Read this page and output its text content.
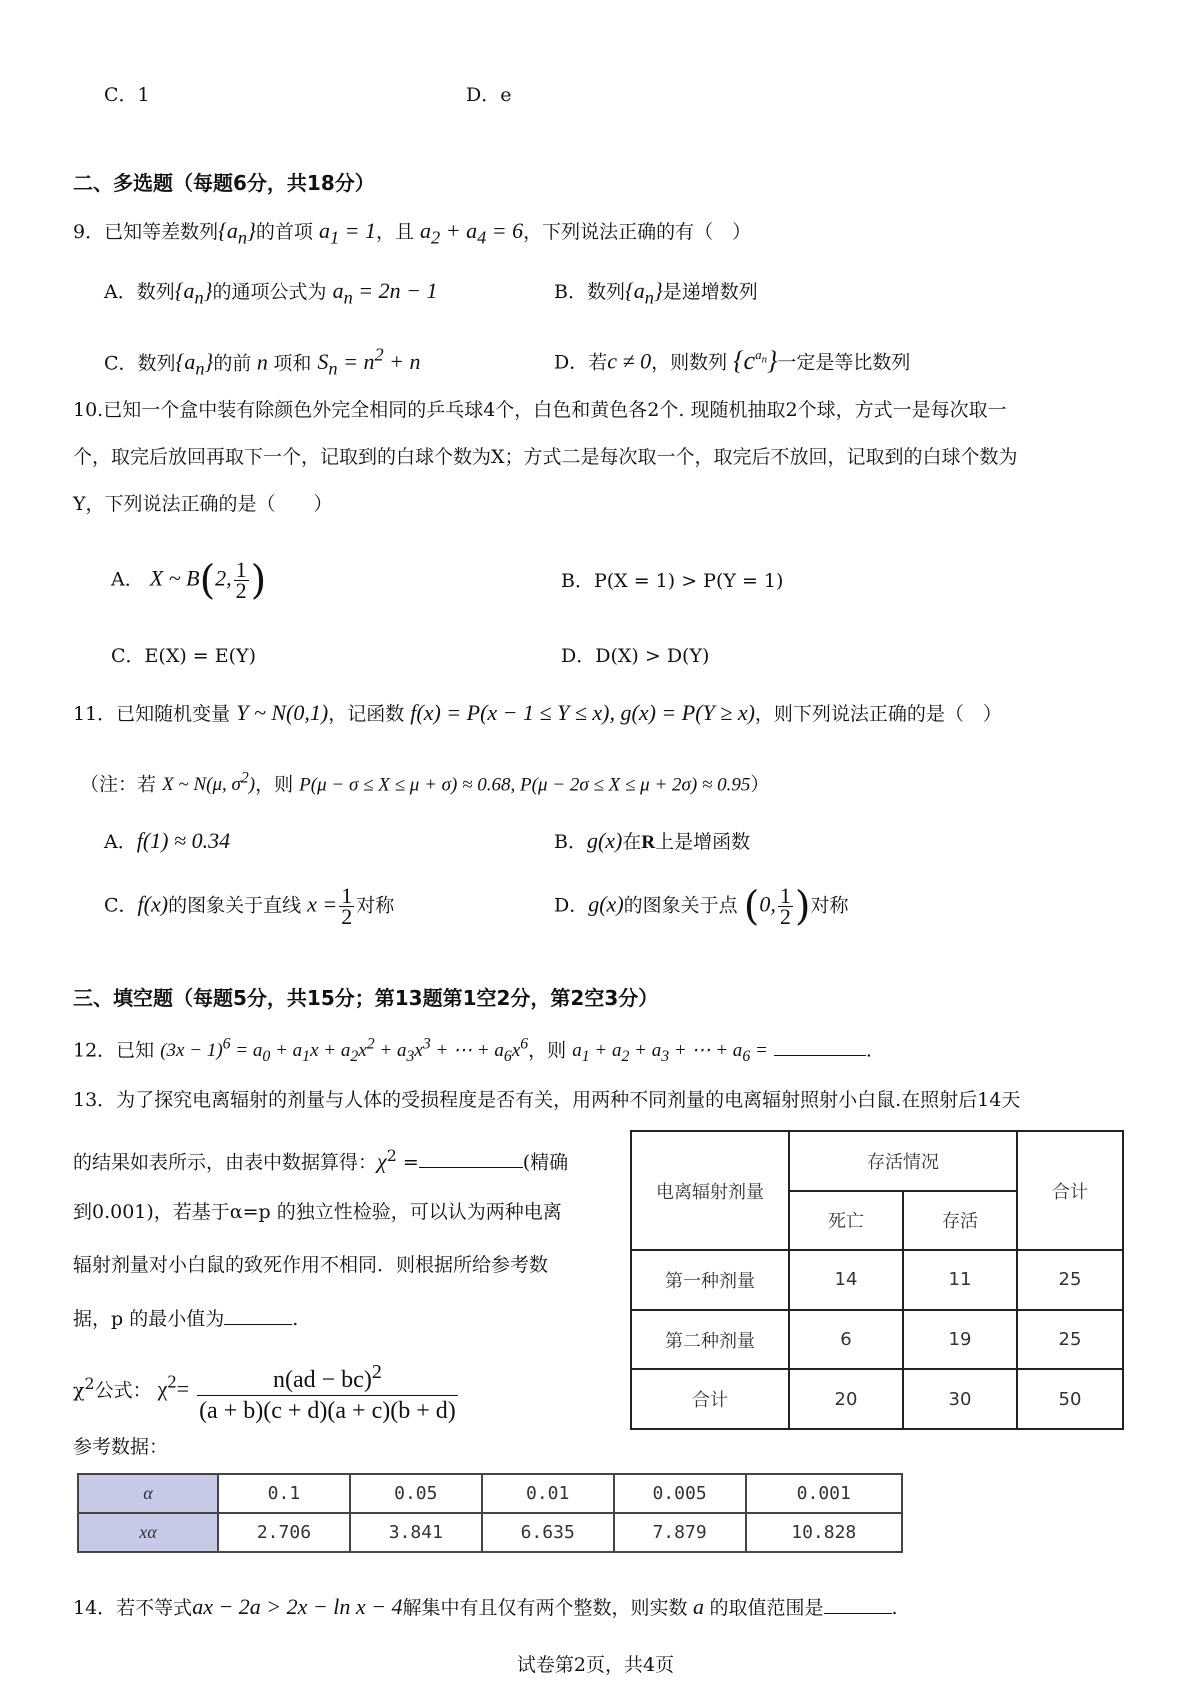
C．1	D．e
二、多选题（每题6分，共18分）
9．已知等差数列$\{a_n\}$的首项 $a_1 = 1$，且 $a_2 + a_4 = 6$，下列说法正确的有（　）
A．数列$\{a_n\}$的通项公式为 $a_n = 2n - 1$	B．数列$\{a_n\}$是递增数列
C．数列$\{a_n\}$的前 n 项和 $S_n = n^2 + n$	D．若c ≠ 0，则数列 $\{c^{a_n}\}$一定是等比数列
10.已知一个盒中装有除颜色外完全相同的乒乓球4个，白色和黄色各2个. 现随机抽取2个球，方式一是每次取一
个，取完后放回再取下一个，记取到的白球个数为X；方式二是每次取一个，取完后不放回，记取到的白球个数为
Y，下列说法正确的是（　　）
A． X ~ B(2, $\frac{1}{2}$ )	B．P(X = 1) > P(Y = 1)
C．E(X) = E(Y)	D．D(X) > D(Y)
11．已知随机变量 Y ~ N(0,1)，记函数 f(x) = P(x − 1 ≤ Y ≤ x), g(x) = P(Y ≥ x)，则下列说法正确的是（　）
（注：若 X ~ N(μ, $\sigma^2$)，则 P(μ − σ ≤ X ≤ μ + σ) ≈ 0.68, P(μ − 2σ ≤ X ≤ μ + 2σ) ≈ 0.95）
A．f(1) ≈ 0.34	B．g(x)在R上是增函数
C．f(x)的图象关于直线 $x = \frac{1}{2}$ 对称	D．g(x)的图象关于点 (0, $\frac{1}{2}$ )对称
三、填空题（每题5分，共15分；第13题第1空2分，第2空3分）
12．已知 $(3x - 1)^6 = a_0 + a_1x + a_2x^2 + a_3x^3$ + ⋯ + $a_6x^6$，则 $a_1 + a_2 + a_3$ + ⋯ + $a_6$ =	.
13．为了探究电离辐射的剂量与人体的受损程度是否有关，用两种不同剂量的电离辐射照射小白鼠.在照射后14天
的结果如表所示，由表中数据算得：$\chi^2$ =	(精确
到0.001)，若基于α=p 的独立性检验，可以认为两种电离
辐射剂量对小白鼠的致死作用不相同．则根据所给参考数
据，p 的最小值为	.
$\chi^2$公式： $\chi^2= \frac{n(ad - bc)^2}{(a + b)(c + d)(a + c)(b + d)}$
参考数据：
电离辐射剂量	存活情况		合计
	死亡	存活	
第一种剂量	14	11	25
第二种剂量	6	19	25
合计	20	30	50
α	0.1	0.05	0.01	0.005	0.001
xα	2.706	3.841	6.635	7.879	10.828
14．若不等式ax − 2a > 2x − ln x − 4解集中有且仅有两个整数，则实数 a 的取值范围是	.
试卷第2页，共4页
